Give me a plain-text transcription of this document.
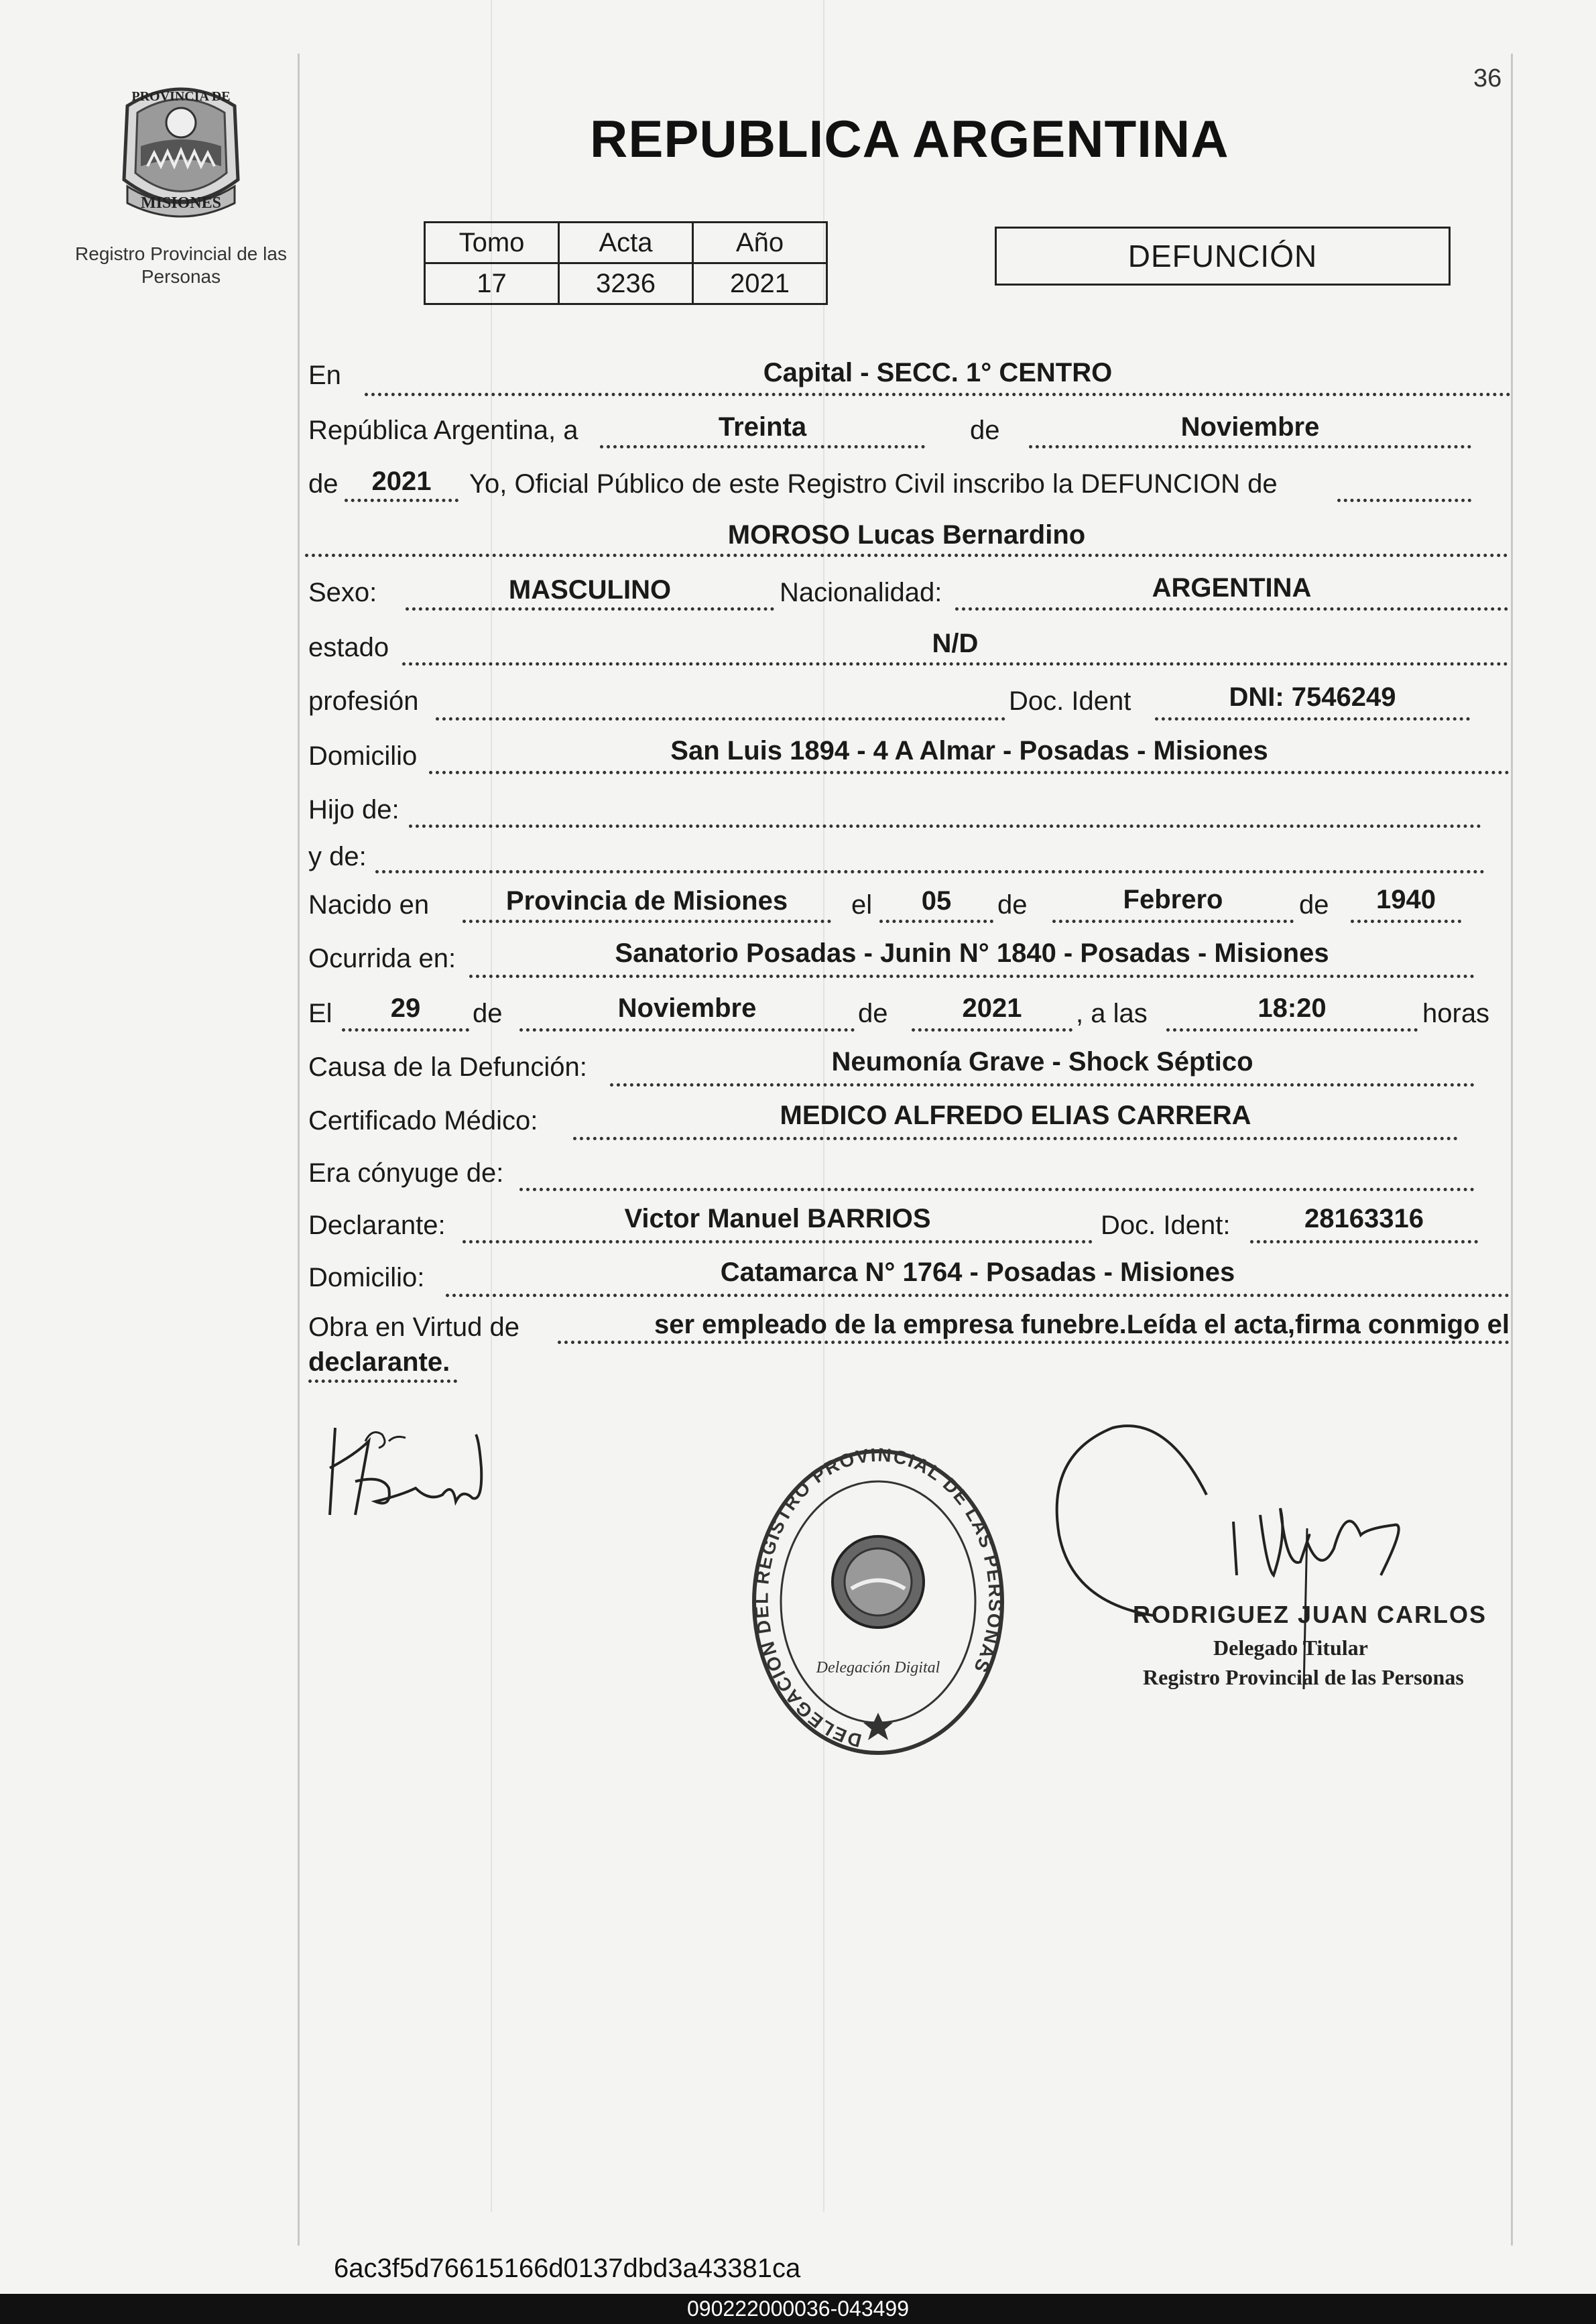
36
PROVINCIA DE
MISIONES
Registro Provincial de las Personas
REPUBLICA ARGENTINA
Tomo	Acta	Año
17	3236	2021
DEFUNCIÓN
En	Capital - SECC. 1° CENTRO
República Argentina, a	Treinta	de	Noviembre
de	2021	Yo, Oficial Público de este Registro Civil inscribo la DEFUNCION de
MOROSO Lucas Bernardino
Sexo:	MASCULINO	Nacionalidad:	ARGENTINA
estado	N/D
profesión	Doc. Ident	DNI: 7546249
Domicilio	San Luis 1894 - 4 A Almar - Posadas - Misiones
Hijo de:
y de:
Nacido en	Provincia de Misiones	el	05	de	Febrero	de	1940
Ocurrida en:	Sanatorio Posadas - Junin N° 1840 - Posadas - Misiones
El	29	de	Noviembre	de	2021	, a las	18:20	horas
Causa de la Defunción:	Neumonía Grave - Shock Séptico
Certificado Médico:	MEDICO ALFREDO ELIAS CARRERA
Era cónyuge de:
Declarante:	Victor Manuel BARRIOS	Doc. Ident:	28163316
Domicilio:	Catamarca N° 1764 - Posadas - Misiones
Obra en Virtud de	ser empleado de la empresa funebre.Leída el acta,firma conmigo el
declarante.
DELEGACION DEL REGISTRO PROVINCIAL DE LAS PERSONAS
Delegación Digital
RODRIGUEZ JUAN CARLOS
Delegado Titular
Registro Provincial de las Personas
6ac3f5d76615166d0137dbd3a43381ca
090222000036-043499
